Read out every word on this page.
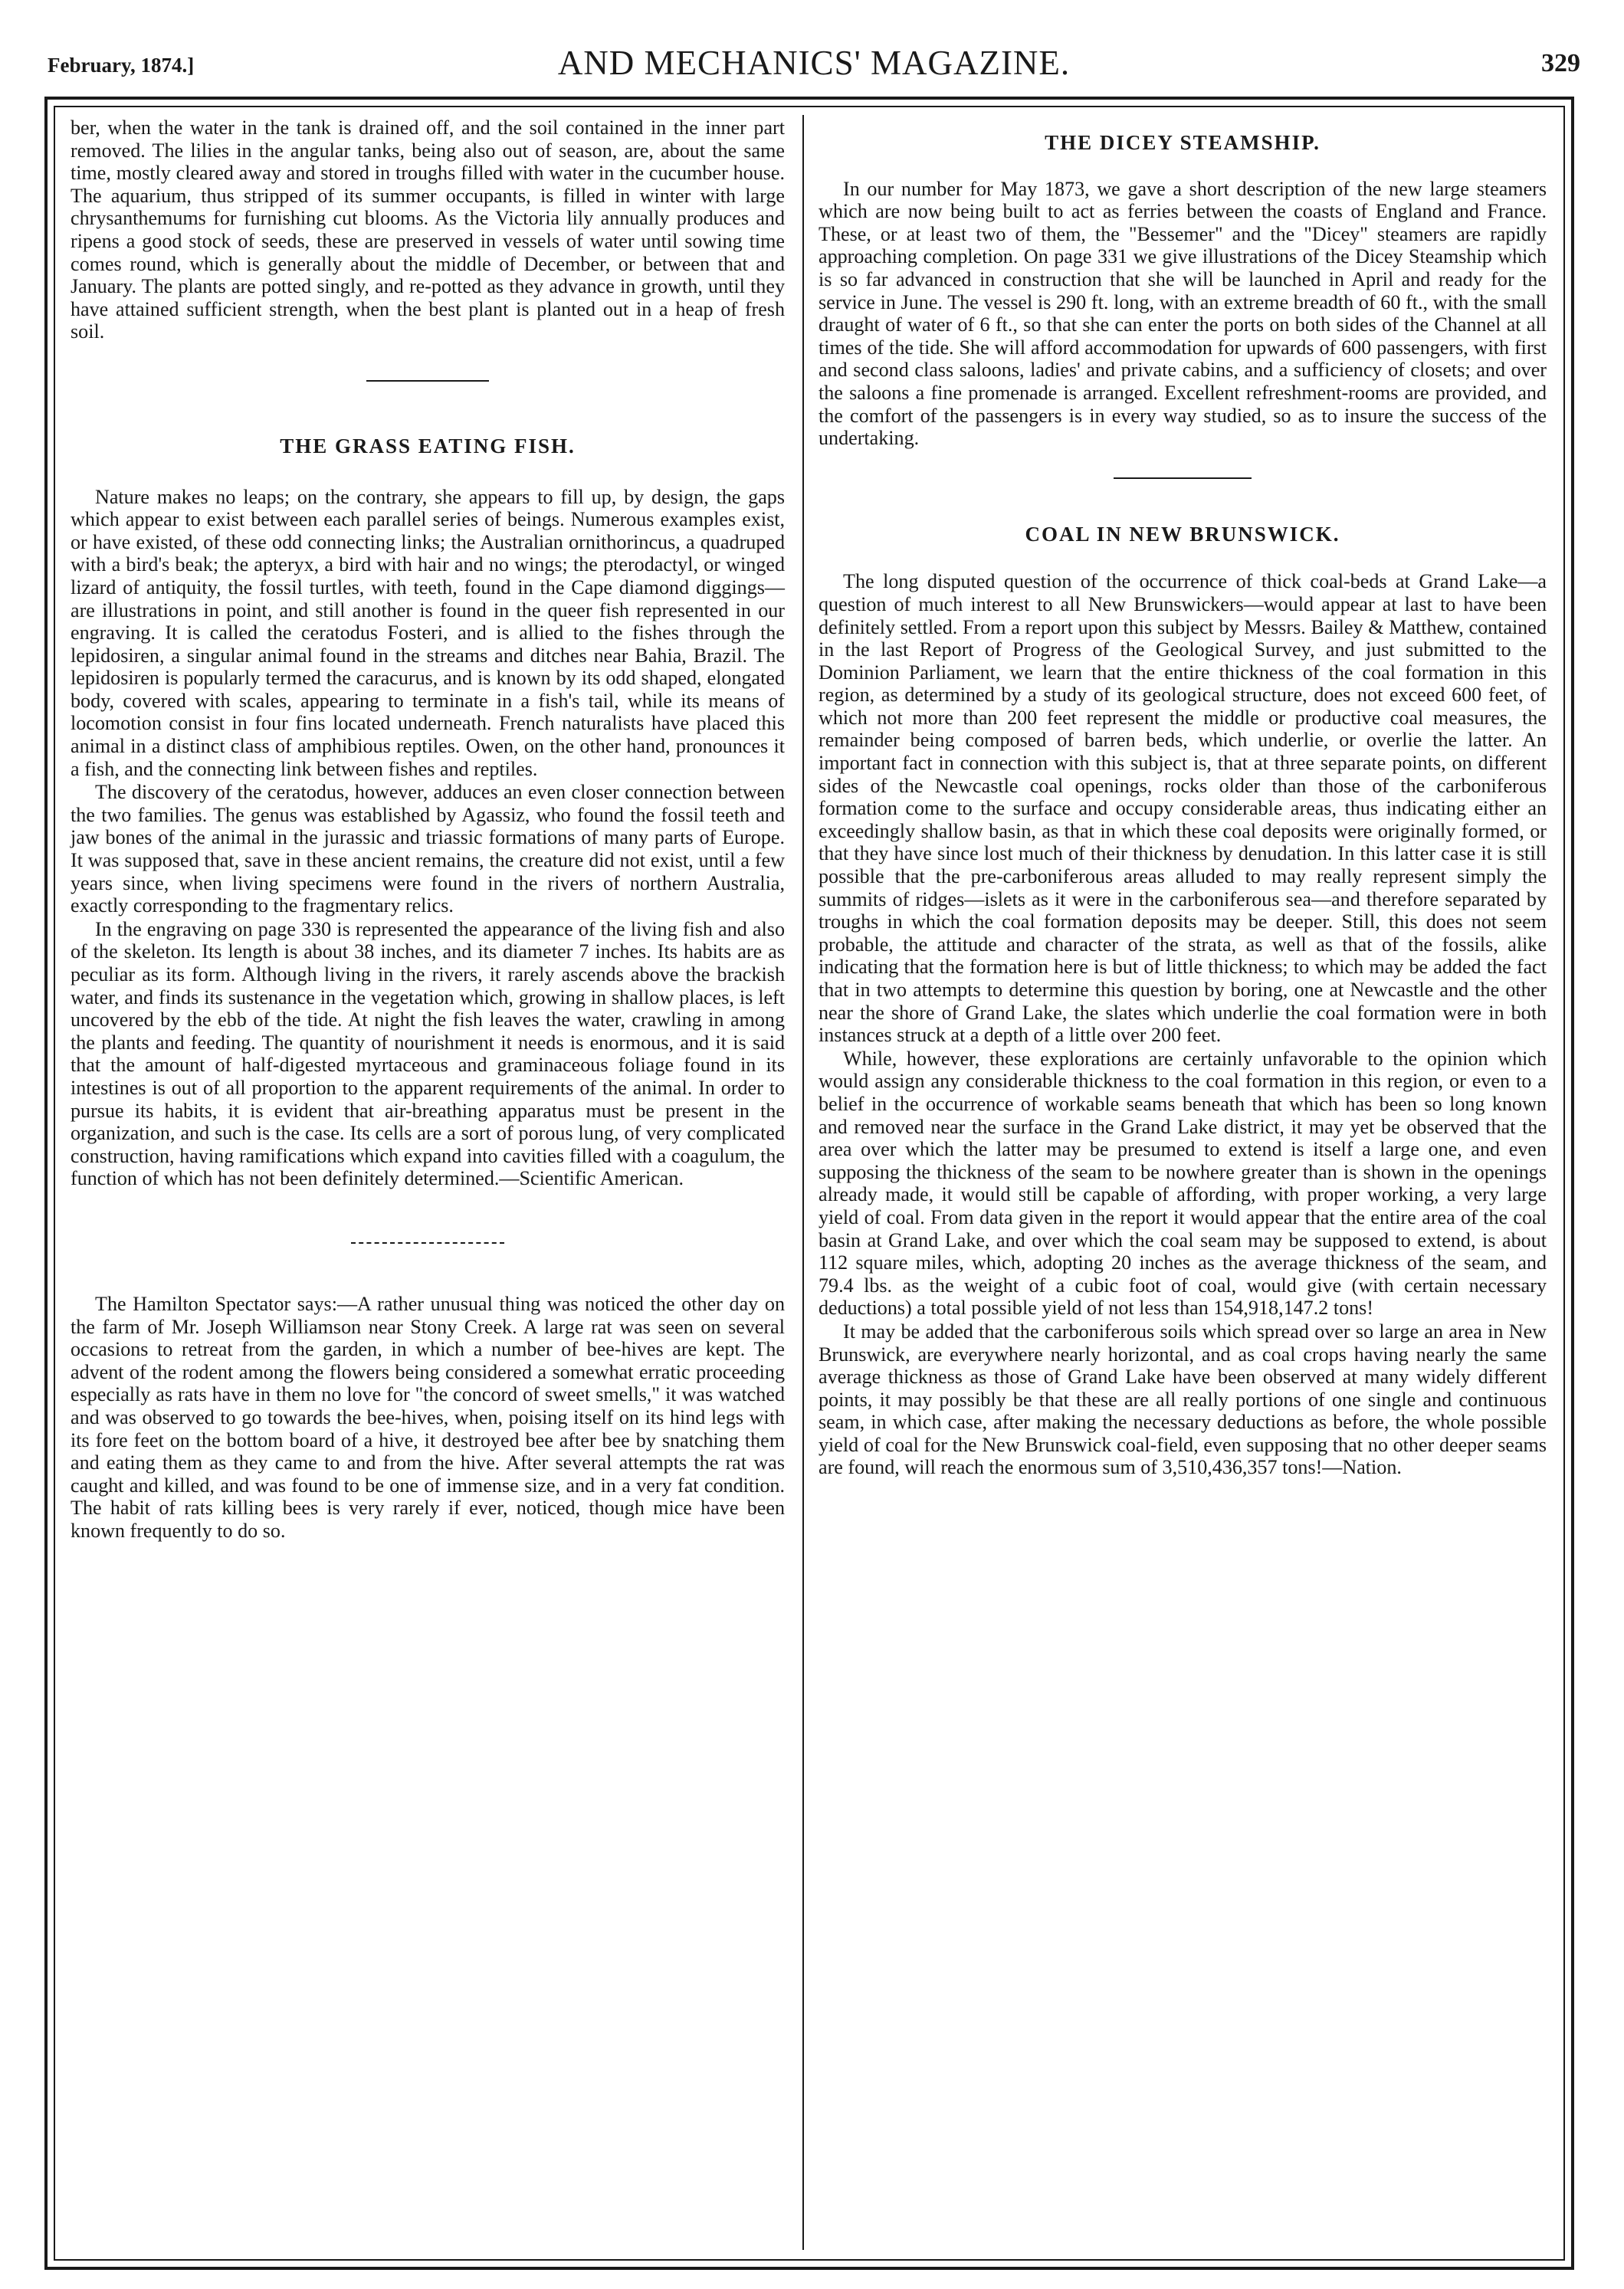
February, 1874.]	AND MECHANICS' MAGAZINE.	329

ber, when the water in the tank is drained off, and the soil contained in the inner part removed. The lilies in the angular tanks, being also out of season, are, about the same time, mostly cleared away and stored in troughs filled with water in the cucumber house. The aquarium, thus stripped of its summer occupants, is filled in winter with large chrysanthemums for furnishing cut blooms. As the Victoria lily annually produces and ripens a good stock of seeds, these are preserved in vessels of water until sowing time comes round, which is generally about the middle of December, or between that and January. The plants are potted singly, and re-potted as they advance in growth, until they have attained sufficient strength, when the best plant is planted out in a heap of fresh soil.

THE GRASS EATING FISH.

Nature makes no leaps; on the contrary, she appears to fill up, by design, the gaps which appear to exist between each parallel series of beings. Numerous examples exist, or have existed, of these odd connecting links; the Australian ornithorincus, a quadruped with a bird's beak; the apteryx, a bird with hair and no wings; the pterodactyl, or winged lizard of antiquity, the fossil turtles, with teeth, found in the Cape diamond diggings—are illustrations in point, and still another is found in the queer fish represented in our engraving. It is called the ceratodus Fosteri, and is allied to the fishes through the lepidosiren, a singular animal found in the streams and ditches near Bahia, Brazil. The lepidosiren is popularly termed the caracurus, and is known by its odd shaped, elongated body, covered with scales, appearing to terminate in a fish's tail, while its means of locomotion consist in four fins located underneath. French naturalists have placed this animal in a distinct class of amphibious reptiles. Owen, on the other hand, pronounces it a fish, and the connecting link between fishes and reptiles.

The discovery of the ceratodus, however, adduces an even closer connection between the two families. The genus was established by Agassiz, who found the fossil teeth and jaw bones of the animal in the jurassic and triassic formations of many parts of Europe. It was supposed that, save in these ancient remains, the creature did not exist, until a few years since, when living specimens were found in the rivers of northern Australia, exactly corresponding to the fragmentary relics.

In the engraving on page 330 is represented the appearance of the living fish and also of the skeleton. Its length is about 38 inches, and its diameter 7 inches. Its habits are as peculiar as its form. Although living in the rivers, it rarely ascends above the brackish water, and finds its sustenance in the vegetation which, growing in shallow places, is left uncovered by the ebb of the tide. At night the fish leaves the water, crawling in among the plants and feeding. The quantity of nourishment it needs is enormous, and it is said that the amount of half-digested myrtaceous and graminaceous foliage found in its intestines is out of all proportion to the apparent requirements of the animal. In order to pursue its habits, it is evident that air-breathing apparatus must be present in the organization, and such is the case. Its cells are a sort of porous lung, of very complicated construction, having ramifications which expand into cavities filled with a coagulum, the function of which has not been definitely determined.—Scientific American.

The Hamilton Spectator says:—A rather unusual thing was noticed the other day on the farm of Mr. Joseph Williamson near Stony Creek. A large rat was seen on several occasions to retreat from the garden, in which a number of bee-hives are kept. The advent of the rodent among the flowers being considered a somewhat erratic proceeding especially as rats have in them no love for "the concord of sweet smells," it was watched and was observed to go towards the bee-hives, when, poising itself on its hind legs with its fore feet on the bottom board of a hive, it destroyed bee after bee by snatching them and eating them as they came to and from the hive. After several attempts the rat was caught and killed, and was found to be one of immense size, and in a very fat condition. The habit of rats killing bees is very rarely if ever, noticed, though mice have been known frequently to do so.

THE DICEY STEAMSHIP.

In our number for May 1873, we gave a short description of the new large steamers which are now being built to act as ferries between the coasts of England and France. These, or at least two of them, the "Bessemer" and the "Dicey" steamers are rapidly approaching completion. On page 331 we give illustrations of the Dicey Steamship which is so far advanced in construction that she will be launched in April and ready for the service in June. The vessel is 290 ft. long, with an extreme breadth of 60 ft., with the small draught of water of 6 ft., so that she can enter the ports on both sides of the Channel at all times of the tide. She will afford accommodation for upwards of 600 passengers, with first and second class saloons, ladies' and private cabins, and a sufficiency of closets; and over the saloons a fine promenade is arranged. Excellent refreshment-rooms are provided, and the comfort of the passengers is in every way studied, so as to insure the success of the undertaking.

COAL IN NEW BRUNSWICK.

The long disputed question of the occurrence of thick coal-beds at Grand Lake—a question of much interest to all New Brunswickers—would appear at last to have been definitely settled. From a report upon this subject by Messrs. Bailey & Matthew, contained in the last Report of Progress of the Geological Survey, and just submitted to the Dominion Parliament, we learn that the entire thickness of the coal formation in this region, as determined by a study of its geological structure, does not exceed 600 feet, of which not more than 200 feet represent the middle or productive coal measures, the remainder being composed of barren beds, which underlie, or overlie the latter. An important fact in connection with this subject is, that at three separate points, on different sides of the Newcastle coal openings, rocks older than those of the carboniferous formation come to the surface and occupy considerable areas, thus indicating either an exceedingly shallow basin, as that in which these coal deposits were originally formed, or that they have since lost much of their thickness by denudation. In this latter case it is still possible that the pre-carboniferous areas alluded to may really represent simply the summits of ridges—islets as it were in the carboniferous sea—and therefore separated by troughs in which the coal formation deposits may be deeper. Still, this does not seem probable, the attitude and character of the strata, as well as that of the fossils, alike indicating that the formation here is but of little thickness; to which may be added the fact that in two attempts to determine this question by boring, one at Newcastle and the other near the shore of Grand Lake, the slates which underlie the coal formation were in both instances struck at a depth of a little over 200 feet.

While, however, these explorations are certainly unfavorable to the opinion which would assign any considerable thickness to the coal formation in this region, or even to a belief in the occurrence of workable seams beneath that which has been so long known and removed near the surface in the Grand Lake district, it may yet be observed that the area over which the latter may be presumed to extend is itself a large one, and even supposing the thickness of the seam to be nowhere greater than is shown in the openings already made, it would still be capable of affording, with proper working, a very large yield of coal. From data given in the report it would appear that the entire area of the coal basin at Grand Lake, and over which the coal seam may be supposed to extend, is about 112 square miles, which, adopting 20 inches as the average thickness of the seam, and 79.4 lbs. as the weight of a cubic foot of coal, would give (with certain necessary deductions) a total possible yield of not less than 154,918,147.2 tons!

It may be added that the carboniferous soils which spread over so large an area in New Brunswick, are everywhere nearly horizontal, and as coal crops having nearly the same average thickness as those of Grand Lake have been observed at many widely different points, it may possibly be that these are all really portions of one single and continuous seam, in which case, after making the necessary deductions as before, the whole possible yield of coal for the New Brunswick coal-field, even supposing that no other deeper seams are found, will reach the enormous sum of 3,510,436,357 tons!—Nation.
